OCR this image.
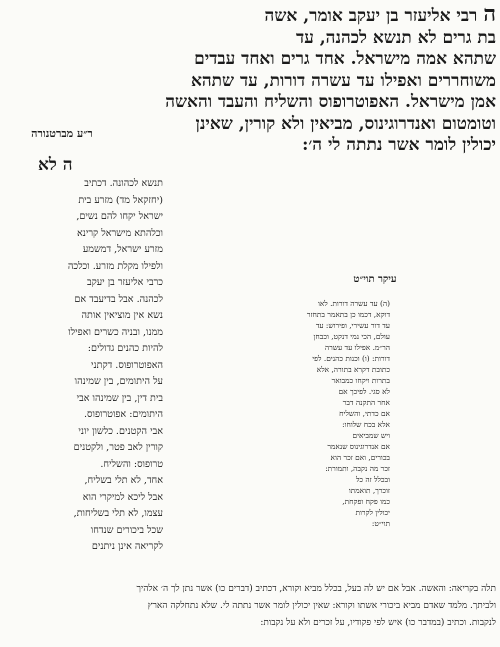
ה רבי אליעזר בן יעקב אומר, אשה
בת גרים לא תנשא לכהנה, עד
שתהא אמה מישראל. אחד גרים ואחד עבדים
משוחררים ואפילו עד עשרה דורות, עד שתהא
אמן מישראל. האפוטרופוס והשליח והעבד והאשה
וטומטום ואנדרוגינוס, מביאין ולא קורין, שאינן
יכולין לומר אשר נתתה לי ה׳:
ר״ע מברטנורה
ה לא
תנשא לכהונה. דכתיב
(יחזקאל מד) מזרע בית
ישראל יקחו להם נשים,
וכלהתא מישראל קרינא
מזרע ישראל, דמשמע
ולפילו מקלת מזרע. וכלכה
כרבי אליעזר בן יעקב
לכהנה. אבל בדיעבד אם
נשא אין מוציאין אותה
ממנו, ובניה כשרים ואפילו
להיות כהנים גדולים:
האפוטרופוס. דקתני
על היתומים, בין שמינהו
בית דין, בין שמינהו אבי
היתומים: אפוטרופוס.
אבי הקטנים. כלשון יוני
קורין לאב פטר, ולקטנים
טרופוס: והשליח.
אחד, לא תלי בשליח,
אבל ליכא למיקרי הוא
עצמו, לא תלי בשליחות,
שכל ביכורים שנדחו
לקריאה אינן ניתנים
עיקר תוי״ט
(ה) עד עשרה דורות. לאו
דוקא, דכמו כן בתאמר בתחזר
עד דור עשירי, ופירוש: עד
עולם, הכי נמי דנקט, וכבחן
הר״מ. אפילו עד עשרה
דורות: (ו) וכנות כהנים. לפי
כתובת דקרא בתורה, אלא
בתרות ויקחו כמבואר
לא סגי. לפיכך אם
אחר התקנה דבר
אם כדתי, והשליח
אלא בכח שלוחו:
ויש שמביאים
אם אנדרוגינוס שנאמר
בכורים, ואם זכר הוא
זכר מה נקבה, ותמורת:
ובכלל זה כל
זוכרך, תואמתו
כמו פקח ופקחת,
יכולין לקרות
תוי״ט:
תלה בקריאה: והאשה. אבל אם יש לה בעל, בכלל מביא וקורא, דכתיב (דברים כו) אשר נתן לך ה׳ אלהיך
ולביתך. מלמד שאדם מביא ביכורי אשתו וקורא: שאין יכולין לומר אשר נתתה לי. שלא נתחלקה הארץ
לנקבות. וכתיב (במדבר כו) איש לפי פקודיו, על זכרים ולא על נקבות:
